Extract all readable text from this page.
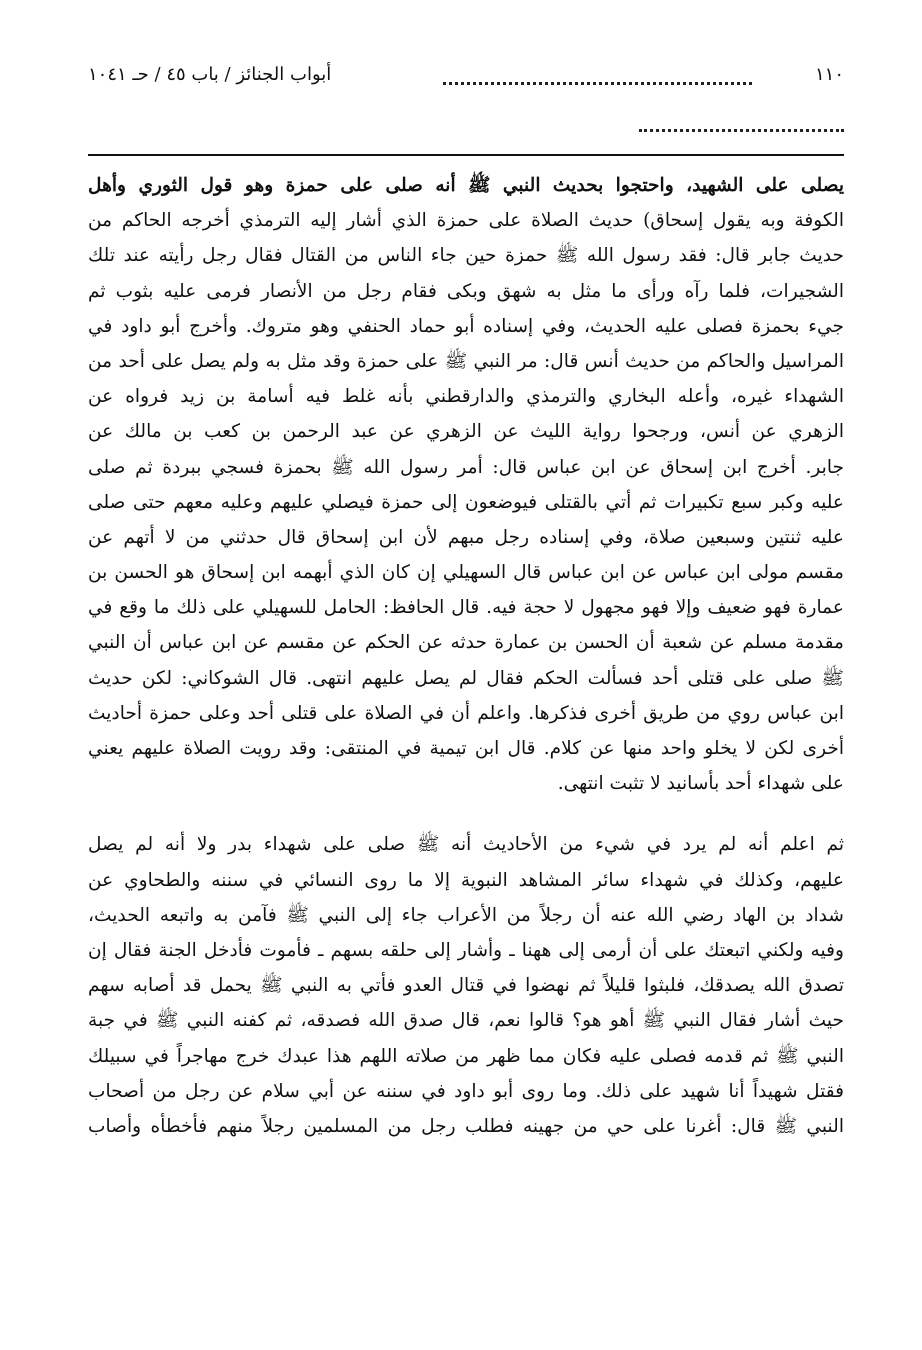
١١٠
أبواب الجنائز / باب ٤٥ / حـ ١٠٤١
يصلى على الشهيد، واحتجوا بحديث النبي ﷺ أنه صلى على حمزة وهو قول الثوري وأهل
الكوفة وبه يقول إسحاق) حديث الصلاة على حمزة الذي أشار إليه الترمذي أخرجه الحاكم من
حديث جابر قال: فقد رسول الله ﷺ حمزة حين جاء الناس من القتال فقال رجل رأيته عند تلك
الشجيرات، فلما رآه ورأى ما مثل به شهق وبكى فقام رجل من الأنصار فرمى عليه بثوب ثم
جيء بحمزة فصلى عليه الحديث، وفي إسناده أبو حماد الحنفي وهو متروك. وأخرج أبو داود في
المراسيل والحاكم من حديث أنس قال: مر النبي ﷺ على حمزة وقد مثل به ولم يصل على أحد من
الشهداء غيره، وأعله البخاري والترمذي والدارقطني بأنه غلط فيه أسامة بن زيد فرواه عن
الزهري عن أنس، ورجحوا رواية الليث عن الزهري عن عبد الرحمن بن كعب بن مالك عن
جابر. أخرج ابن إسحاق عن ابن عباس قال: أمر رسول الله ﷺ بحمزة فسجي ببردة ثم صلى
عليه وكبر سبع تكبيرات ثم أتي بالقتلى فيوضعون إلى حمزة فيصلي عليهم وعليه معهم حتى صلى
عليه ثنتين وسبعين صلاة، وفي إسناده رجل مبهم لأن ابن إسحاق قال حدثني من لا أتهم عن
مقسم مولى ابن عباس عن ابن عباس قال السهيلي إن كان الذي أبهمه ابن إسحاق هو الحسن بن
عمارة فهو ضعيف وإلا فهو مجهول لا حجة فيه. قال الحافظ: الحامل للسهيلي على ذلك ما وقع في
مقدمة مسلم عن شعبة أن الحسن بن عمارة حدثه عن الحكم عن مقسم عن ابن عباس أن النبي
ﷺ صلى على قتلى أحد فسألت الحكم فقال لم يصل عليهم انتهى. قال الشوكاني: لكن حديث
ابن عباس روي من طريق أخرى فذكرها. واعلم أن في الصلاة على قتلى أحد وعلى حمزة أحاديث
أخرى لكن لا يخلو واحد منها عن كلام. قال ابن تيمية في المنتقى: وقد رويت الصلاة عليهم يعني
على شهداء أحد بأسانيد لا تثبت انتهى.
ثم اعلم أنه لم يرد في شيء من الأحاديث أنه ﷺ صلى على شهداء بدر ولا أنه لم يصل
عليهم، وكذلك في شهداء سائر المشاهد النبوية إلا ما روى النسائي في سننه والطحاوي عن
شداد بن الهاد رضي الله عنه أن رجلاً من الأعراب جاء إلى النبي ﷺ فآمن به واتبعه الحديث،
وفيه ولكني اتبعتك على أن أرمى إلى ههنا ـ وأشار إلى حلقه بسهم ـ فأموت فأدخل الجنة فقال إن
تصدق الله يصدقك، فلبثوا قليلاً ثم نهضوا في قتال العدو فأتي به النبي ﷺ يحمل قد أصابه سهم
حيث أشار فقال النبي ﷺ أهو هو؟ قالوا نعم، قال صدق الله فصدقه، ثم كفنه النبي ﷺ في جبة
النبي ﷺ ثم قدمه فصلى عليه فكان مما ظهر من صلاته اللهم هذا عبدك خرج مهاجراً في سبيلك
فقتل شهيداً أنا شهيد على ذلك. وما روى أبو داود في سننه عن أبي سلام عن رجل من أصحاب
النبي ﷺ قال: أغرنا على حي من جهينه فطلب رجل من المسلمين رجلاً منهم فأخطأه وأصاب
